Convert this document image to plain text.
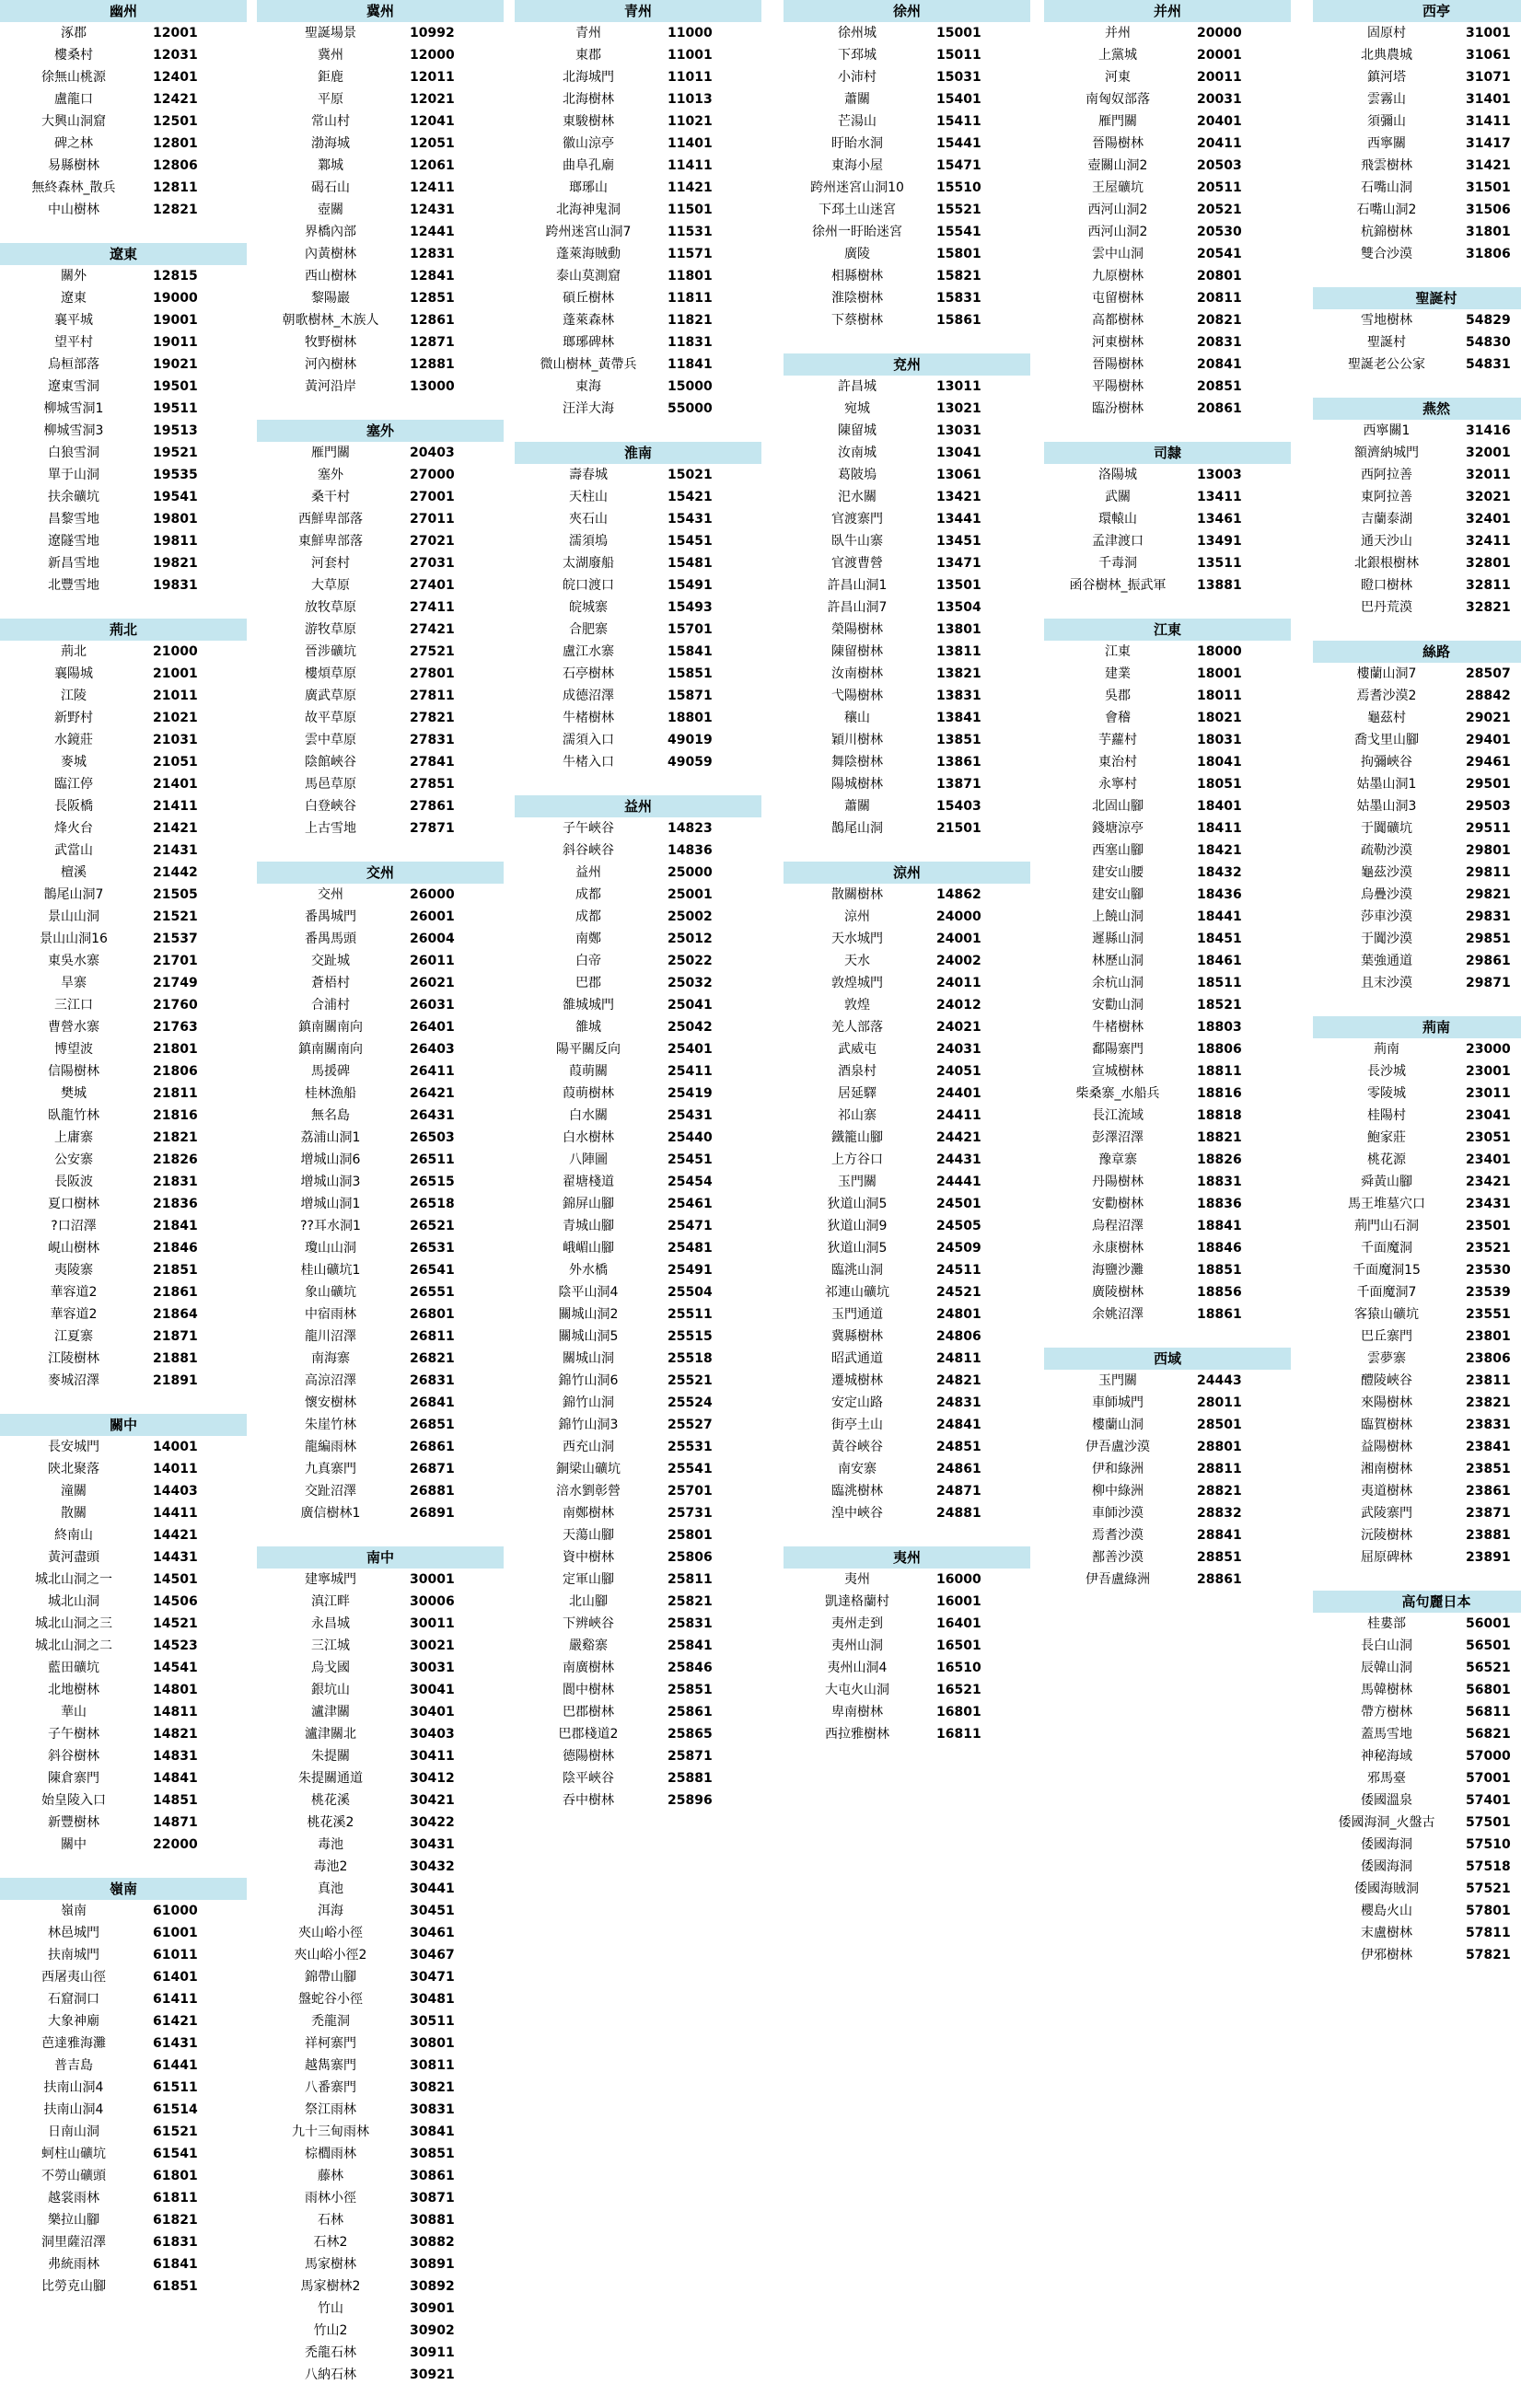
幽州
涿郡	12001
樓桑村	12031
徐無山桃源	12401
盧龍口	12421
大興山洞窟	12501
碑之林	12801
易縣樹林	12806
無終森林_散兵	12811
中山樹林	12821
遼東
關外	12815
遼東	19000
襄平城	19001
望平村	19011
烏桓部落	19021
遼東雪洞	19501
柳城雪洞1	19511
柳城雪洞3	19513
白狼雪洞	19521
單于山洞	19535
扶余礦坑	19541
昌黎雪地	19801
遼隧雪地	19811
新昌雪地	19821
北豐雪地	19831
荊北
荊北	21000
襄陽城	21001
江陵	21011
新野村	21021
水鏡莊	21031
麥城	21051
臨江停	21401
長阪橋	21411
烽火台	21421
武當山	21431
檀溪	21442
鵲尾山洞7	21505
景山山洞	21521
景山山洞16	21537
東吳水寨	21701
旱寨	21749
三江口	21760
曹營水寨	21763
博望波	21801
信陽樹林	21806
樊城	21811
臥龍竹林	21816
上庸寨	21821
公安寨	21826
長阪波	21831
夏口樹林	21836
?口沼澤	21841
峴山樹林	21846
夷陵寨	21851
華容道2	21861
華容道2	21864
江夏寨	21871
江陵樹林	21881
麥城沼澤	21891
關中
長安城門	14001
陝北聚落	14011
潼關	14403
散關	14411
終南山	14421
黃河盡頭	14431
城北山洞之一	14501
城北山洞	14506
城北山洞之三	14521
城北山洞之二	14523
藍田礦坑	14541
北地樹林	14801
華山	14811
子午樹林	14821
斜谷樹林	14831
陳倉寨門	14841
始皇陵入口	14851
新豐樹林	14871
關中	22000
嶺南
嶺南	61000
林邑城門	61001
扶南城門	61011
西屠夷山徑	61401
石窟洞口	61411
大象神廟	61421
芭達雅海灘	61431
普吉島	61441
扶南山洞4	61511
扶南山洞4	61514
日南山洞	61521
蚵柱山礦坑	61541
不勞山礦頭	61801
越裳雨林	61811
樂拉山腳	61821
洞里薩沼澤	61831
弗統雨林	61841
比勞克山腳	61851
冀州
聖誕場景	10992
冀州	12000
鉅鹿	12011
平原	12021
常山村	12041
渤海城	12051
鄴城	12061
碣石山	12411
壺關	12431
界橋內部	12441
內黃樹林	12831
西山樹林	12841
黎陽巖	12851
朝歌樹林_木族人	12861
牧野樹林	12871
河內樹林	12881
黃河沿岸	13000
塞外
雁門關	20403
塞外	27000
桑干村	27001
西鮮卑部落	27011
東鮮卑部落	27021
河套村	27031
大草原	27401
放牧草原	27411
游牧草原	27421
晉涉礦坑	27521
樓煩草原	27801
廣武草原	27811
故平草原	27821
雲中草原	27831
陰館峽谷	27841
馬邑草原	27851
白登峽谷	27861
上古雪地	27871
交州
交州	26000
番禺城門	26001
番禺馬頭	26004
交趾城	26011
蒼梧村	26021
合浦村	26031
鎮南關南向	26401
鎮南關南向	26403
馬援碑	26411
桂林漁船	26421
無名島	26431
荔浦山洞1	26503
增城山洞6	26511
增城山洞3	26515
增城山洞1	26518
??耳水洞1	26521
瓊山山洞	26531
桂山礦坑1	26541
象山礦坑	26551
中宿雨林	26801
龍川沼澤	26811
南海寨	26821
高涼沼澤	26831
懷安樹林	26841
朱崖竹林	26851
龍編雨林	26861
九真寨門	26871
交趾沼澤	26881
廣信樹林1	26891
南中
建寧城門	30001
滇江畔	30006
永昌城	30011
三江城	30021
烏戈國	30031
銀坑山	30041
瀘津關	30401
瀘津關北	30403
朱提關	30411
朱提關通道	30412
桃花溪	30421
桃花溪2	30422
毒池	30431
毒池2	30432
真池	30441
洱海	30451
夾山峪小徑	30461
夾山峪小徑2	30467
錦帶山腳	30471
盤蛇谷小徑	30481
禿龍洞	30511
祥柯寨門	30801
越雋寨門	30811
八番寨門	30821
祭江雨林	30831
九十三甸雨林	30841
棕櫚雨林	30851
藤林	30861
雨林小徑	30871
石林	30881
石林2	30882
馬家樹林	30891
馬家樹林2	30892
竹山	30901
竹山2	30902
禿龍石林	30911
八納石林	30921
青州
青州	11000
東郡	11001
北海城門	11011
北海樹林	11013
東駿樹林	11021
徽山涼亭	11401
曲阜孔廟	11411
瑯琊山	11421
北海神鬼洞	11501
跨州迷宮山洞7	11531
蓬萊海賊動	11571
泰山莫測窟	11801
碩丘樹林	11811
蓬萊森林	11821
瑯琊碑林	11831
微山樹林_黃帶兵	11841
東海	15000
汪洋大海	55000
淮南
壽春城	15021
天柱山	15421
夾石山	15431
濡須塢	15451
太湖廢船	15481
皖口渡口	15491
皖城寨	15493
合肥寨	15701
盧江水寨	15841
石亭樹林	15851
成德沼澤	15871
牛楮樹林	18801
濡須入口	49019
牛楮入口	49059
益州
子午峽谷	14823
斜谷峽谷	14836
益州	25000
成都	25001
成都	25002
南鄭	25012
白帝	25022
巴郡	25032
雒城城門	25041
雒城	25042
陽平關反向	25401
葭萌關	25411
葭萌樹林	25419
白水關	25431
白水樹林	25440
八陣圖	25451
翟塘棧道	25454
錦屏山腳	25461
青城山腳	25471
峨嵋山腳	25481
外水橋	25491
陰平山洞4	25504
關城山洞2	25511
關城山洞5	25515
關城山洞	25518
錦竹山洞6	25521
錦竹山洞	25524
錦竹山洞3	25527
西充山洞	25531
銅梁山礦坑	25541
涪水劉彰營	25701
南鄭樹林	25731
天蕩山腳	25801
資中樹林	25806
定軍山腳	25811
北山腳	25821
下辨峽谷	25831
嚴谿寨	25841
南廣樹林	25846
閬中樹林	25851
巴郡樹林	25861
巴郡棧道2	25865
德陽樹林	25871
陰平峽谷	25881
吞中樹林	25896
徐州
徐州城	15001
下邳城	15011
小沛村	15031
蕭關	15401
芒湯山	15411
盱眙水洞	15441
東海小屋	15471
跨州迷宮山洞10	15510
下邳土山迷宮	15521
徐州一盱眙迷宮	15541
廣陵	15801
相縣樹林	15821
淮陰樹林	15831
下蔡樹林	15861
兗州
許昌城	13011
宛城	13021
陳留城	13031
汝南城	13041
葛陂塢	13061
汜水關	13421
官渡寨門	13441
臥牛山寨	13451
官渡曹營	13471
許昌山洞1	13501
許昌山洞7	13504
榮陽樹林	13801
陳留樹林	13811
汝南樹林	13821
弋陽樹林	13831
穰山	13841
穎川樹林	13851
舞陰樹林	13861
陽城樹林	13871
蕭關	15403
鵲尾山洞	21501
涼州
散關樹林	14862
涼州	24000
天水城門	24001
天水	24002
敦煌城門	24011
敦煌	24012
羌人部落	24021
武威屯	24031
酒泉村	24051
居延驛	24401
祁山寨	24411
鐵籠山腳	24421
上方谷口	24431
玉門關	24441
狄道山洞5	24501
狄道山洞9	24505
狄道山洞5	24509
臨洮山洞	24511
祁連山礦坑	24521
玉門通道	24801
冀縣樹林	24806
昭武通道	24811
遷城樹林	24821
安定山路	24831
街亭土山	24841
黃谷峽谷	24851
南安寨	24861
臨洮樹林	24871
湟中峽谷	24881
夷州
夷州	16000
凱達格蘭村	16001
夷州走到	16401
夷州山洞	16501
夷州山洞4	16510
大屯火山洞	16521
卑南樹林	16801
西拉雅樹林	16811
并州
并州	20000
上黨城	20001
河東	20011
南匈奴部落	20031
雁門關	20401
晉陽樹林	20411
壺關山洞2	20503
王屋礦坑	20511
西河山洞2	20521
西河山洞2	20530
雲中山洞	20541
九原樹林	20801
屯留樹林	20811
高都樹林	20821
河東樹林	20831
晉陽樹林	20841
平陽樹林	20851
臨汾樹林	20861
司隸
洛陽城	13003
武關	13411
環轅山	13461
孟津渡口	13491
千毒洞	13511
函谷樹林_振武軍	13881
江東
江東	18000
建業	18001
吳郡	18011
會稽	18021
芋蘿村	18031
東治村	18041
永寧村	18051
北固山腳	18401
錢塘涼亭	18411
西塞山腳	18421
建安山腰	18432
建安山腳	18436
上饒山洞	18441
遲縣山洞	18451
林歷山洞	18461
余杭山洞	18511
安勸山洞	18521
牛楮樹林	18803
鄱陽寨門	18806
宣城樹林	18811
柴桑寨_水船兵	18816
長江流域	18818
彭澤沼澤	18821
豫章寨	18826
丹陽樹林	18831
安勸樹林	18836
烏程沼澤	18841
永康樹林	18846
海鹽沙灘	18851
廣陵樹林	18856
余姚沼澤	18861
西域
玉門關	24443
車師城門	28011
樓蘭山洞	28501
伊吾盧沙漠	28801
伊和綠洲	28811
柳中綠洲	28821
車師沙漠	28832
焉耆沙漠	28841
鄯善沙漠	28851
伊吾盧綠洲	28861
西亭
固原村	31001
北典農城	31061
鎮河塔	31071
雲霧山	31401
須彌山	31411
西寧關	31417
飛雲樹林	31421
石嘴山洞	31501
石嘴山洞2	31506
杭錦樹林	31801
雙合沙漠	31806
聖誕村
雪地樹林	54829
聖誕村	54830
聖誕老公公家	54831
燕然
西寧關1	31416
額濟納城門	32001
西阿拉善	32011
東阿拉善	32021
吉蘭泰湖	32401
通天沙山	32411
北銀根樹林	32801
瞪口樹林	32811
巴丹荒漠	32821
絲路
樓蘭山洞7	28507
焉耆沙漠2	28842
龜茲村	29021
喬戈里山腳	29401
拘彌峽谷	29461
姑墨山洞1	29501
姑墨山洞3	29503
于闐礦坑	29511
疏勒沙漠	29801
龜茲沙漠	29811
烏疊沙漠	29821
莎車沙漠	29831
于闐沙漠	29851
葉強通道	29861
且末沙漠	29871
荊南
荊南	23000
長沙城	23001
零陵城	23011
桂陽村	23041
鮑家莊	23051
桃花源	23401
舜黃山腳	23421
馬王堆墓穴口	23431
荊門山石洞	23501
千面魔洞	23521
千面魔洞15	23530
千面魔洞7	23539
客猿山礦坑	23551
巴丘寨門	23801
雲夢寨	23806
醴陵峽谷	23811
來陽樹林	23821
臨賀樹林	23831
益陽樹林	23841
湘南樹林	23851
夷道樹林	23861
武陵寨門	23871
沅陵樹林	23881
屈原碑林	23891
高句麗日本
桂婁部	56001
長白山洞	56501
辰韓山洞	56521
馬韓樹林	56801
帶方樹林	56811
蓋馬雪地	56821
神秘海域	57000
邪馬臺	57001
倭國溫泉	57401
倭國海洞_火盤古	57501
倭國海洞	57510
倭國海洞	57518
倭國海賊洞	57521
櫻島火山	57801
末盧樹林	57811
伊邪樹林	57821
